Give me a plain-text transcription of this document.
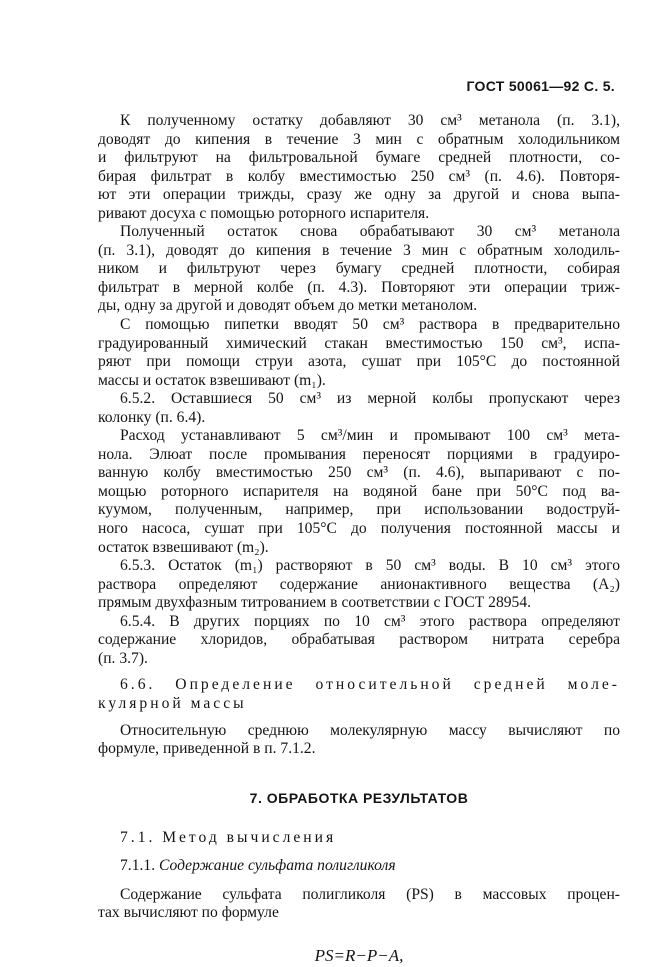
ГОСТ 50061—92 С. 5.
К полученному остатку добавляют 30 см³ метанола (п. 3.1),
доводят до кипения в течение 3 мин с обратным холодильником
и фильтруют на фильтровальной бумаге средней плотности, со-
бирая фильтрат в колбу вместимостью 250 см³ (п. 4.6). Повторя-
ют эти операции трижды, сразу же одну за другой и снова выпа-
ривают досуха с помощью роторного испарителя.
Полученный остаток снова обрабатывают 30 см³ метанола
(п. 3.1), доводят до кипения в течение 3 мин с обратным холодиль-
ником и фильтруют через бумагу средней плотности, собирая
фильтрат в мерной колбе (п. 4.3). Повторяют эти операции триж-
ды, одну за другой и доводят объем до метки метанолом.
С помощью пипетки вводят 50 см³ раствора в предварительно
градуированный химический стакан вместимостью 150 см³, испа-
ряют при помощи струи азота, сушат при 105°С до постоянной
массы и остаток взвешивают (m₁).
6.5.2. Оставшиеся 50 см³ из мерной колбы пропускают через
колонку (п. 6.4).
Расход устанавливают 5 см³/мин и промывают 100 см³ мета-
нола. Элюат после промывания переносят порциями в градуиро-
ванную колбу вместимостью 250 см³ (п. 4.6), выпаривают с по-
мощью роторного испарителя на водяной бане при 50°С под ва-
куумом, полученным, например, при использовании водоструй-
ного насоса, сушат при 105°С до получения постоянной массы и
остаток взвешивают (m₂).
6.5.3. Остаток (m₁) растворяют в 50 см³ воды. В 10 см³ этого
раствора определяют содержание анионактивного вещества (A₂)
прямым двухфазным титрованием в соответствии с ГОСТ 28954.
6.5.4. В других порциях по 10 см³ этого раствора определяют
содержание хлоридов, обрабатывая раствором нитрата серебра
(п. 3.7).
6.6. Определение относительной средней моле-
кулярной массы
Относительную среднюю молекулярную массу вычисляют по
формуле, приведенной в п. 7.1.2.
7. ОБРАБОТКА РЕЗУЛЬТАТОВ
7.1. Метод вычисления
7.1.1. Содержание сульфата полигликоля
Содержание сульфата полигликоля (PS) в массовых процен-
тах вычисляют по формуле
PS=R−P−A,
